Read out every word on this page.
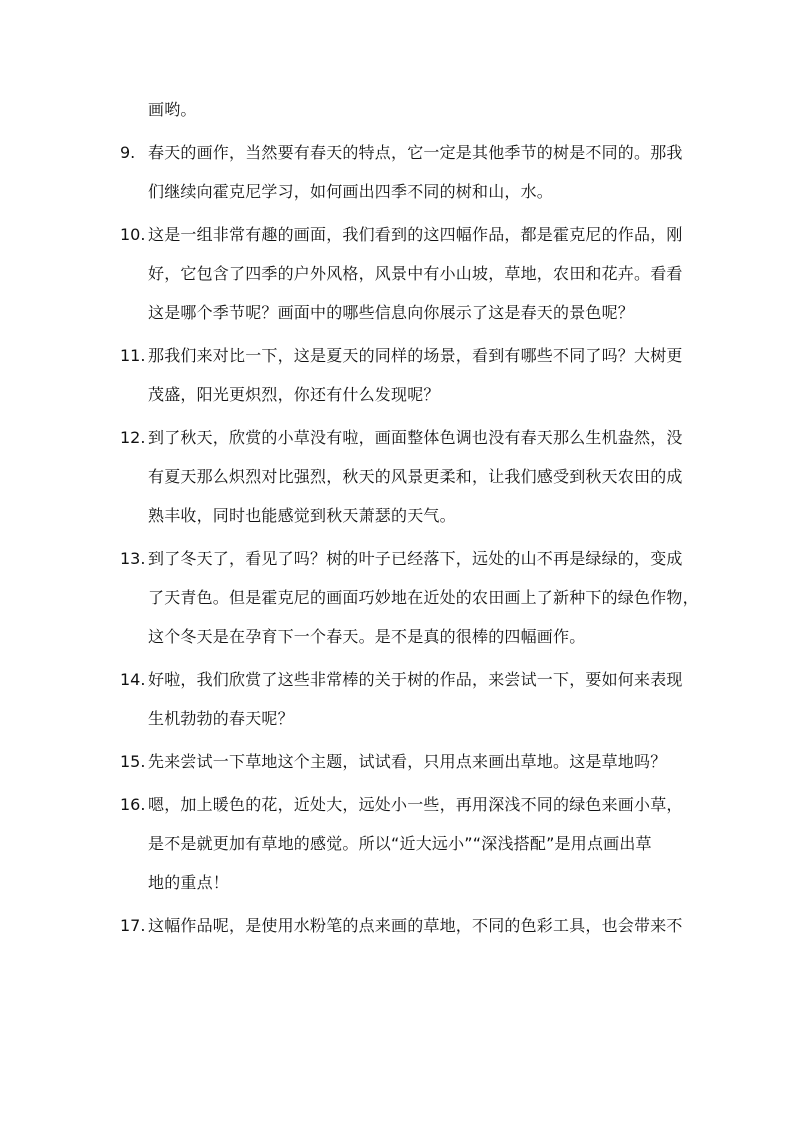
画哟。
9. 春天的画作，当然要有春天的特点，它一定是其他季节的树是不同的。那我
们继续向霍克尼学习，如何画出四季不同的树和山，水。
10. 这是一组非常有趣的画面，我们看到的这四幅作品，都是霍克尼的作品，刚
好，它包含了四季的户外风格，风景中有小山坡，草地，农田和花卉。看看
这是哪个季节呢？画面中的哪些信息向你展示了这是春天的景色呢？
11. 那我们来对比一下，这是夏天的同样的场景，看到有哪些不同了吗？大树更
茂盛，阳光更炽烈，你还有什么发现呢？
12. 到了秋天，欣赏的小草没有啦，画面整体色调也没有春天那么生机盎然，没
有夏天那么炽烈对比强烈，秋天的风景更柔和，让我们感受到秋天农田的成
熟丰收，同时也能感觉到秋天萧瑟的天气。
13. 到了冬天了，看见了吗？树的叶子已经落下，远处的山不再是绿绿的，变成
了天青色。但是霍克尼的画面巧妙地在近处的农田画上了新种下的绿色作物，
这个冬天是在孕育下一个春天。是不是真的很棒的四幅画作。
14. 好啦，我们欣赏了这些非常棒的关于树的作品，来尝试一下，要如何来表现
生机勃勃的春天呢？
15. 先来尝试一下草地这个主题，试试看，只用点来画出草地。这是草地吗？
16. 嗯，加上暖色的花，近处大，远处小一些，再用深浅不同的绿色来画小草，
是不是就更加有草地的感觉。所以“近大远小”“深浅搭配”是用点画出草
地的重点！
17. 这幅作品呢，是使用水粉笔的点来画的草地，不同的色彩工具，也会带来不
